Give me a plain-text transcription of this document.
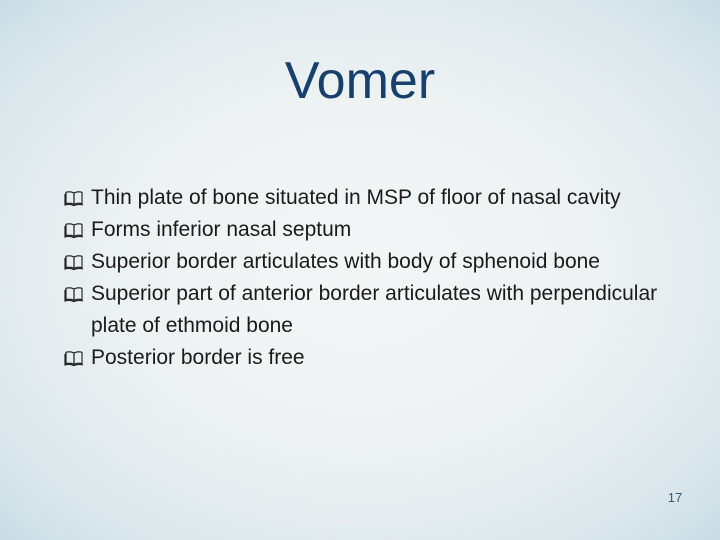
Vomer
Thin plate of bone situated in MSP of floor of nasal cavity
Forms inferior nasal septum
Superior border articulates with body of sphenoid bone
Superior part of anterior border articulates with perpendicular plate of ethmoid bone
Posterior border is free
17
